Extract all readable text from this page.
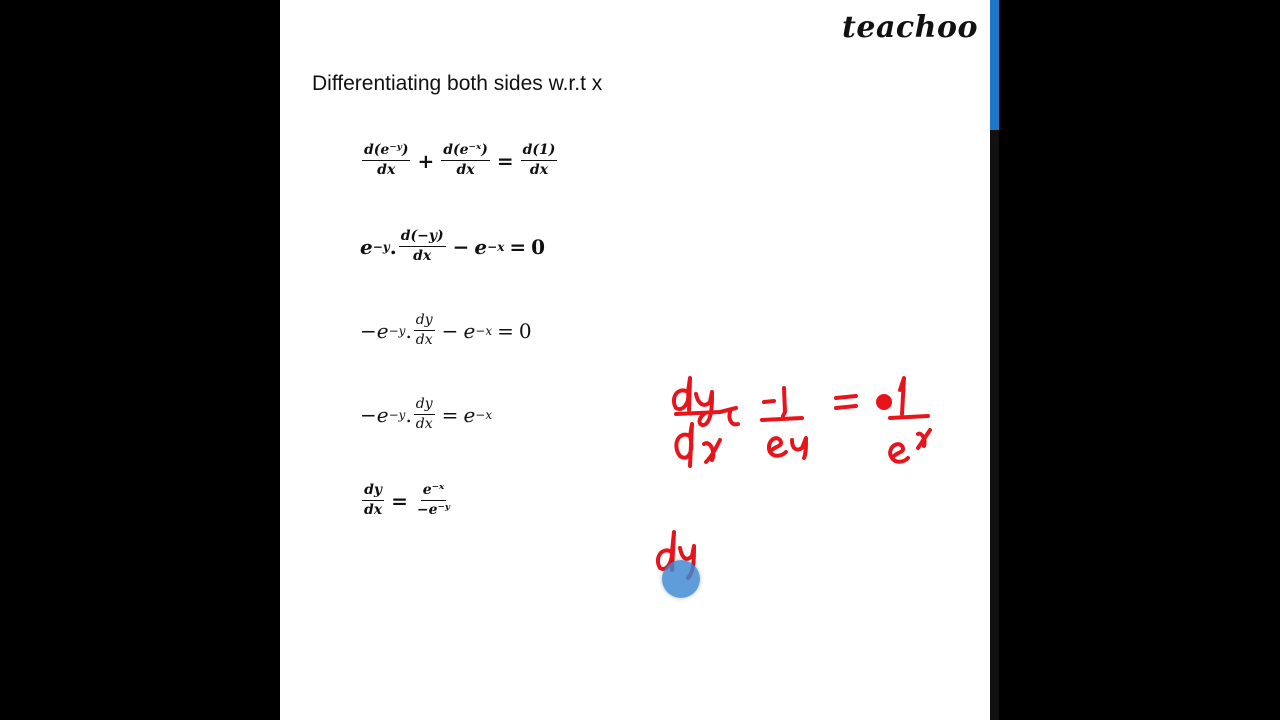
teachoo
Differentiating both sides w.r.t x
$\frac{\text{d(e⁻ʸ)}}{dx} + \frac{\text{d(e⁻ˣ)}}{dx} = \frac{d(1)}{dx}$
e −y . $\frac{d(-y)}{dx} - e -x = 0$
−e −y . $\frac{dy}{dx} - e -x = 0$
−e −y . $\frac{dy}{dx} = e -x$
$\frac{dy}{dx} = \frac{\text{e⁻ˣ}}{\text{−e⁻ʸ}}$
